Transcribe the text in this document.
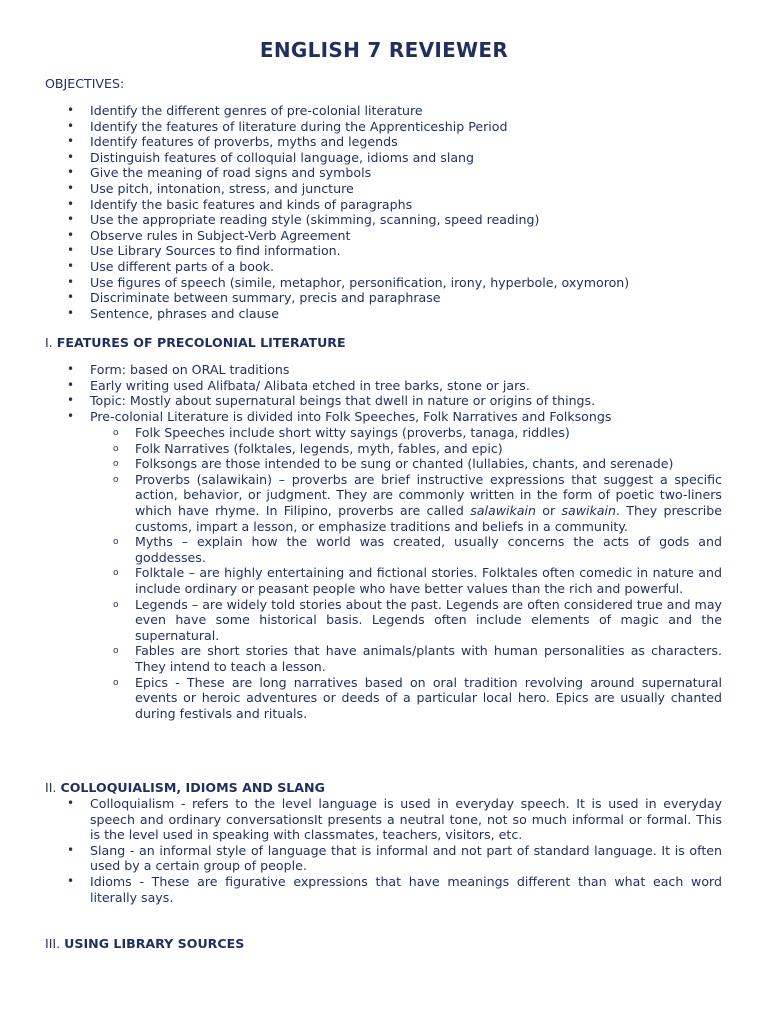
ENGLISH 7 REVIEWER
OBJECTIVES:
• Identify the different genres of pre-colonial literature
• Identify the features of literature during the Apprenticeship Period
• Identify features of proverbs, myths and legends
• Distinguish features of colloquial language, idioms and slang
• Give the meaning of road signs and symbols
• Use pitch, intonation, stress, and juncture
• Identify the basic features and kinds of paragraphs
• Use the appropriate reading style (skimming, scanning, speed reading)
• Observe rules in Subject-Verb Agreement
• Use Library Sources to find information.
• Use different parts of a book.
• Use figures of speech (simile, metaphor, personification, irony, hyperbole, oxymoron)
• Discriminate between summary, precis and paraphrase
• Sentence, phrases and clause
I. FEATURES OF PRECOLONIAL LITERATURE
• Form: based on ORAL traditions
• Early writing used Alifbata/ Alibata etched in tree barks, stone or jars.
• Topic: Mostly about supernatural beings that dwell in nature or origins of things.
• Pre-colonial Literature is divided into Folk Speeches, Folk Narratives and Folksongs
o Folk Speeches include short witty sayings (proverbs, tanaga, riddles)
o Folk Narratives (folktales, legends, myth, fables, and epic)
o Folksongs are those intended to be sung or chanted (lullabies, chants, and serenade)
o Proverbs (salawikain) – proverbs are brief instructive expressions that suggest a specific action, behavior, or judgment. They are commonly written in the form of poetic two-liners which have rhyme. In Filipino, proverbs are called salawikain or sawikain. They prescribe customs, impart a lesson, or emphasize traditions and beliefs in a community.
o Myths – explain how the world was created, usually concerns the acts of gods and goddesses.
o Folktale – are highly entertaining and fictional stories. Folktales often comedic in nature and include ordinary or peasant people who have better values than the rich and powerful.
o Legends – are widely told stories about the past. Legends are often considered true and may even have some historical basis. Legends often include elements of magic and the supernatural.
o Fables are short stories that have animals/plants with human personalities as characters. They intend to teach a lesson.
o Epics - These are long narratives based on oral tradition revolving around supernatural events or heroic adventures or deeds of a particular local hero. Epics are usually chanted during festivals and rituals.
II. COLLOQUIALISM, IDIOMS AND SLANG
• Colloquialism - refers to the level language is used in everyday speech. It is used in everyday speech and ordinary conversationsIt presents a neutral tone, not so much informal or formal. This is the level used in speaking with classmates, teachers, visitors, etc.
• Slang - an informal style of language that is informal and not part of standard language. It is often used by a certain group of people.
• Idioms - These are figurative expressions that have meanings different than what each word literally says.
III. USING LIBRARY SOURCES
